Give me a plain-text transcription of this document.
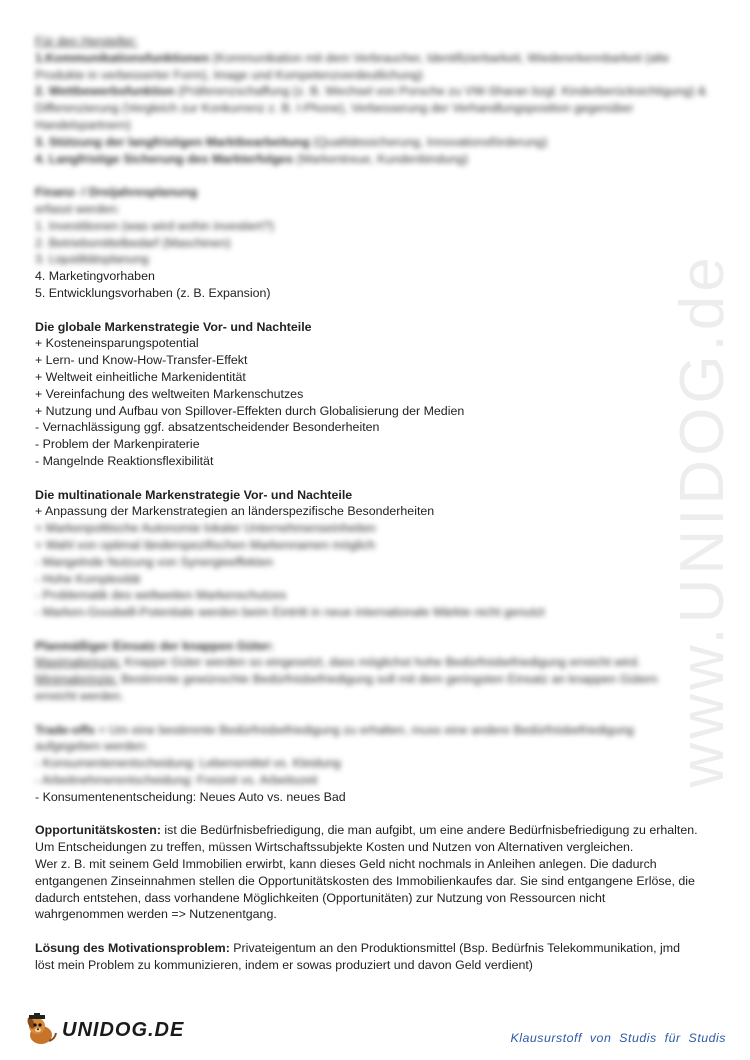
www.UNIDOG.de
Für den Hersteller:
1.Kommunikationsfunktionen (Kommunikation mit dem Verbraucher, Identifizierbarkeit, Wiedererkennbarkeit (alte
Produkte in verbesserter Form), Image und Kompetenzverdeutlichung)
2. Wettbewerbsfunktion (Präferenzschaffung (z. B. Wechsel von Porsche zu VW-Sharan bzgl. Kinderberücksichtigung) &
Differenzierung (Vergleich zur Konkurrenz z. B. I-Phone), Verbesserung der Verhandlungsposition gegenüber
Handelspartnern)
3. Stützung der langfristigen Marktbearbeitung (Qualitätssicherung, Innovationsförderung)
4. Langfristige Sicherung des Markterfolges (Markentreue, Kundenbindung)
Finanz- / Dreijahresplanung
erfasst werden:
1. Investitionen (was wird wohin investiert?)
2. Betriebsmittelbedarf (Maschinen)
3. Liquiditätsplanung
4. Marketingvorhaben
5. Entwicklungsvorhaben (z. B. Expansion)
Die globale Markenstrategie Vor- und Nachteile
+ Kosteneinsparungspotential
+ Lern- und Know-How-Transfer-Effekt
+ Weltweit einheitliche Markenidentität
+ Vereinfachung des weltweiten Markenschutzes
+ Nutzung und Aufbau von Spillover-Effekten durch Globalisierung der Medien
- Vernachlässigung ggf. absatzentscheidender Besonderheiten
- Problem der Markenpiraterie
- Mangelnde Reaktionsflexibilität
Die multinationale Markenstrategie Vor- und Nachteile
+ Anpassung der Markenstrategien an länderspezifische Besonderheiten
+ Markenpolitische Autonomie lokaler Unternehmenseinheiten
+ Wahl von optimal länderspezifischen Markennamen möglich
- Mangelnde Nutzung von Synergieeffekten
- Hohe Komplexität
- Problematik des weltweiten Markenschutzes
- Marken-Goodwill-Potentiale werden beim Eintritt in neue internationale Märkte nicht genutzt
Planmäßiger Einsatz der knappen Güter:
Maximalprinzip: Knappe Güter werden so eingesetzt, dass möglichst hohe Bedürfnisbefriedigung erreicht wird.
Minimalprinzip: Bestimmte gewünschte Bedürfnisbefriedigung soll mit dem geringsten Einsatz an knappen Gütern
erreicht werden.
Trade-offs = Um eine bestimmte Bedürfnisbefriedigung zu erhalten, muss eine andere Bedürfnisbefriedigung
aufgegeben werden:
- Konsumentenentscheidung: Lebensmittel vs. Kleidung
- Arbeitnehmerentscheidung: Freizeit vs. Arbeitszeit
- Konsumentenentscheidung: Neues Auto vs. neues Bad
Opportunitätskosten: ist die Bedürfnisbefriedigung, die man aufgibt, um eine andere Bedürfnisbefriedigung zu erhalten.
Um Entscheidungen zu treffen, müssen Wirtschaftssubjekte Kosten und Nutzen von Alternativen vergleichen.
Wer z. B. mit seinem Geld Immobilien erwirbt, kann dieses Geld nicht nochmals in Anleihen anlegen. Die dadurch
entgangenen Zinseinnahmen stellen die Opportunitätskosten des Immobilienkaufes dar. Sie sind entgangene Erlöse, die
dadurch entstehen, dass vorhandene Möglichkeiten (Opportunitäten) zur Nutzung von Ressourcen nicht
wahrgenommen werden => Nutzenentgang.
Lösung des Motivationsproblem: Privateigentum an den Produktionsmittel (Bsp. Bedürfnis Telekommunikation, jmd
löst mein Problem zu kommunizieren, indem er sowas produziert und davon Geld verdient)
UNIDOG.DE	Klausurstoff von Studis für Studis
